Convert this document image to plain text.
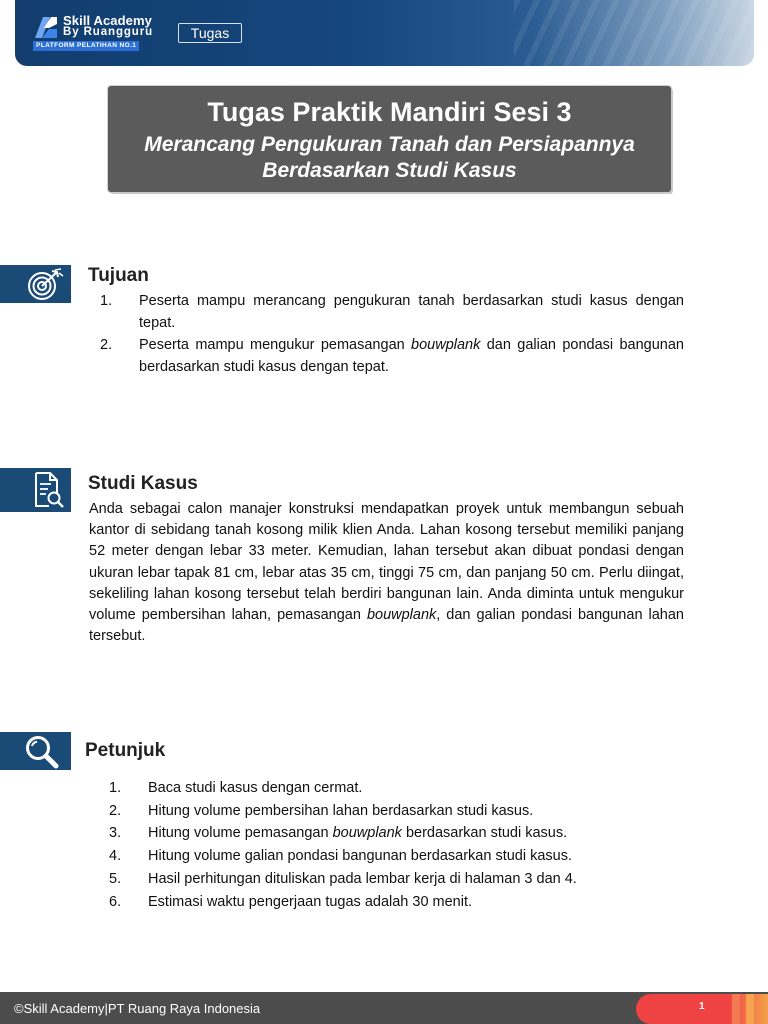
Skill Academy
By Ruangguru
PLATFORM PELATIHAN NO.1
Tugas
Tugas Praktik Mandiri Sesi 3
Merancang Pengukuran Tanah dan Persiapannya
Berdasarkan Studi Kasus
Tujuan
1.	Peserta mampu merancang pengukuran tanah berdasarkan studi kasus dengan tepat.
2.	Peserta mampu mengukur pemasangan bouwplank dan galian pondasi bangunan berdasarkan studi kasus dengan tepat.
Studi Kasus

Anda sebagai calon manajer konstruksi mendapatkan proyek untuk membangun sebuah kantor di sebidang tanah kosong milik klien Anda. Lahan kosong tersebut memiliki panjang 52 meter dengan lebar 33 meter. Kemudian, lahan tersebut akan dibuat pondasi dengan ukuran lebar tapak 81 cm, lebar atas 35 cm, tinggi 75 cm, dan panjang 50 cm. Perlu diingat, sekeliling lahan kosong tersebut telah berdiri bangunan lain. Anda diminta untuk mengukur volume pembersihan lahan, pemasangan bouwplank, dan galian pondasi bangunan lahan tersebut.

Petunjuk
1.	Baca studi kasus dengan cermat.
2.	Hitung volume pembersihan lahan berdasarkan studi kasus.
3.	Hitung volume pemasangan bouwplank berdasarkan studi kasus.
4.	Hitung volume galian pondasi bangunan berdasarkan studi kasus.
5.	Hasil perhitungan dituliskan pada lembar kerja di halaman 3 dan 4.
6.	Estimasi waktu pengerjaan tugas adalah 30 menit.
©Skill Academy|PT Ruang Raya Indonesia	1
